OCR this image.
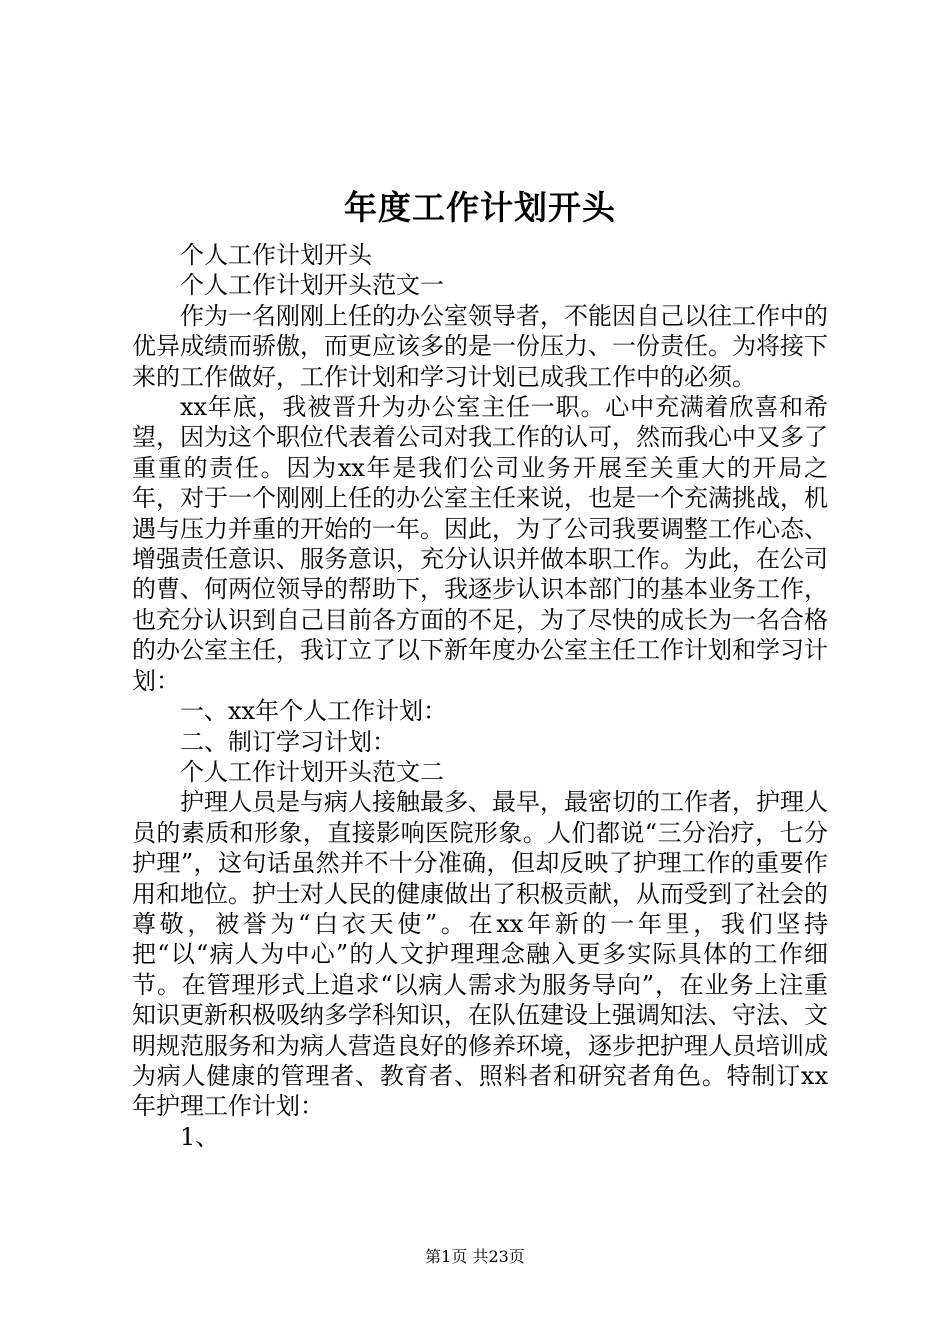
年度工作计划开头

个人工作计划开头

个人工作计划开头范文一

作为一名刚刚上任的办公室领导者，不能因自己以往工作中的优异成绩而骄傲，而更应该多的是一份压力、一份责任。为将接下来的工作做好，工作计划和学习计划已成我工作中的必须。

xx年底，我被晋升为办公室主任一职。心中充满着欣喜和希望，因为这个职位代表着公司对我工作的认可，然而我心中又多了重重的责任。因为xx年是我们公司业务开展至关重大的开局之年，对于一个刚刚上任的办公室主任来说，也是一个充满挑战，机遇与压力并重的开始的一年。因此，为了公司我要调整工作心态、增强责任意识、服务意识，充分认识并做本职工作。为此，在公司的曹、何两位领导的帮助下，我逐步认识本部门的基本业务工作，也充分认识到自己目前各方面的不足，为了尽快的成长为一名合格的办公室主任，我订立了以下新年度办公室主任工作计划和学习计划：

一、xx年个人工作计划：

二、制订学习计划：

个人工作计划开头范文二

护理人员是与病人接触最多、最早，最密切的工作者，护理人员的素质和形象，直接影响医院形象。人们都说“三分治疗，七分护理”，这句话虽然并不十分准确，但却反映了护理工作的重要作用和地位。护士对人民的健康做出了积极贡献，从而受到了社会的尊敬，被誉为“白衣天使”。在xx年新的一年里，我们坚持把“以“病人为中心”的人文护理理念融入更多实际具体的工作细节。在管理形式上追求“以病人需求为服务导向”，在业务上注重知识更新积极吸纳多学科知识，在队伍建设上强调知法、守法、文明规范服务和为病人营造良好的修养环境，逐步把护理人员培训成为病人健康的管理者、教育者、照料者和研究者角色。特制订xx年护理工作计划：

1、

第1页 共23页
